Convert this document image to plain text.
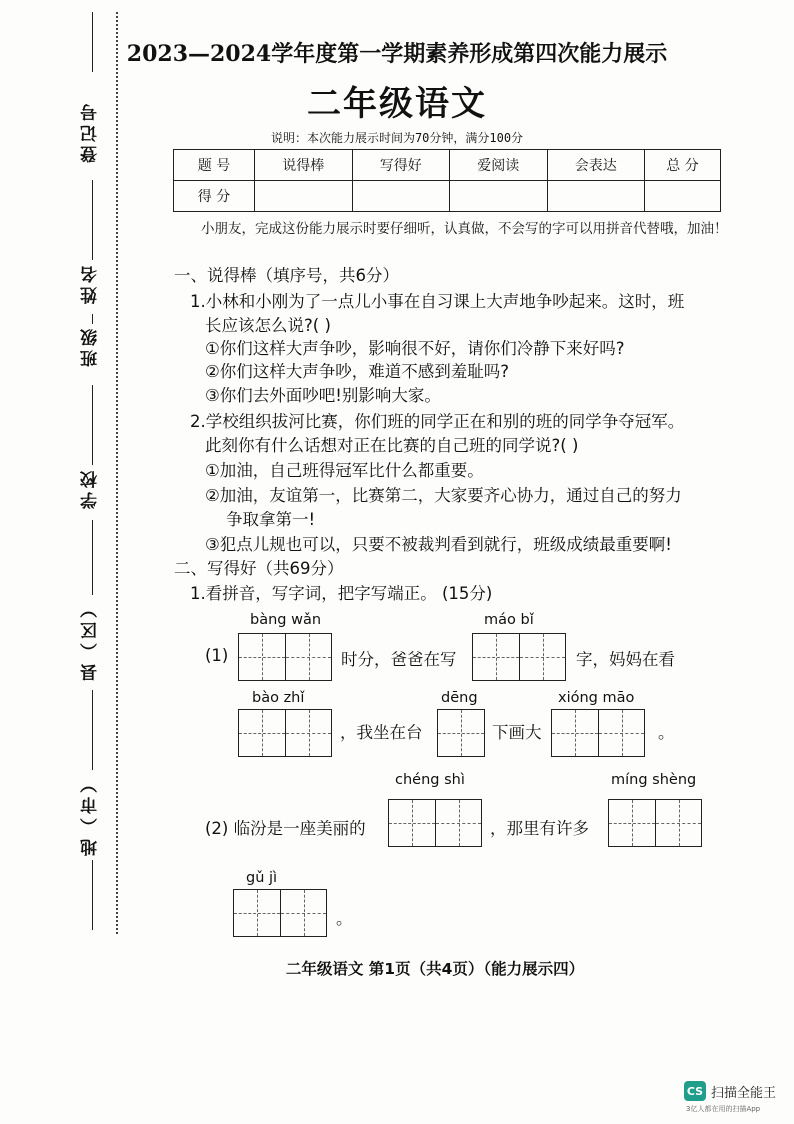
登记号
姓名
班级
学校
县（区）
地（市）
2023—2024学年度第一学期素养形成第四次能力展示
二年级语文
说明：本次能力展示时间为70分钟，满分100分
题 号	说得棒	写得好	爱阅读	会表达	总 分
得 分					
小朋友，完成这份能力展示时要仔细听，认真做，不会写的字可以用拼音代替哦，加油！
一、说得棒（填序号，共6分）
1.小林和小刚为了一点儿小事在自习课上大声地争吵起来。这时，班
长应该怎么说?( )
①你们这样大声争吵，影响很不好，请你们冷静下来好吗?
②你们这样大声争吵，难道不感到羞耻吗?
③你们去外面吵吧!别影响大家。
2.学校组织拔河比赛，你们班的同学正在和别的班的同学争夺冠军。
此刻你有什么话想对正在比赛的自己班的同学说?( )
①加油，自己班得冠军比什么都重要。
②加油，友谊第一，比赛第二，大家要齐心协力，通过自己的努力
争取拿第一!
③犯点儿规也可以，只要不被裁判看到就行，班级成绩最重要啊!
二、写得好（共69分）
1.看拼音，写字词，把字写端正。 (15分)
bàng wǎn	máo bǐ
(1)	时分，爸爸在写	字，妈妈在看
bào zhǐ	dēng	xióng māo
，我坐在台	下画大	。
chéng shì	míng shèng
(2) 临汾是一座美丽的	，那里有许多
gǔ jì
。
二年级语文 第1页（共4页）（能力展示四）
CS 扫描全能王
3亿人都在用的扫描App
